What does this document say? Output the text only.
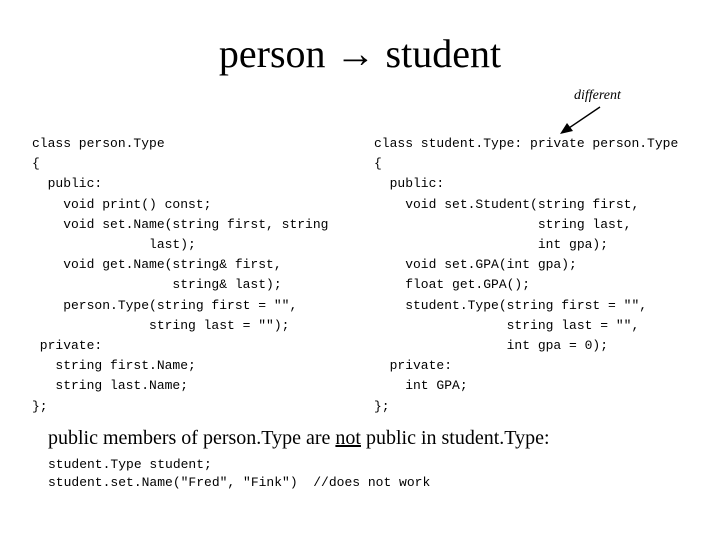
person → student
different
class person.Type
{
public:
void print() const;
void set.Name(string first, string
last);
void get.Name(string& first,
string& last);
person.Type(string first = "",
string last = "");
private:
string first.Name;
string last.Name;
};
class student.Type: private person.Type
{
public:
void set.Student(string first,
string last,
int gpa);
void set.GPA(int gpa);
float get.GPA();
student.Type(string first = "",
string last = "",
int gpa = 0);
private:
int GPA;
};
public members of person.Type are not public in student.Type:
student.Type student;
student.set.Name("Fred", "Fink")  //does not work
